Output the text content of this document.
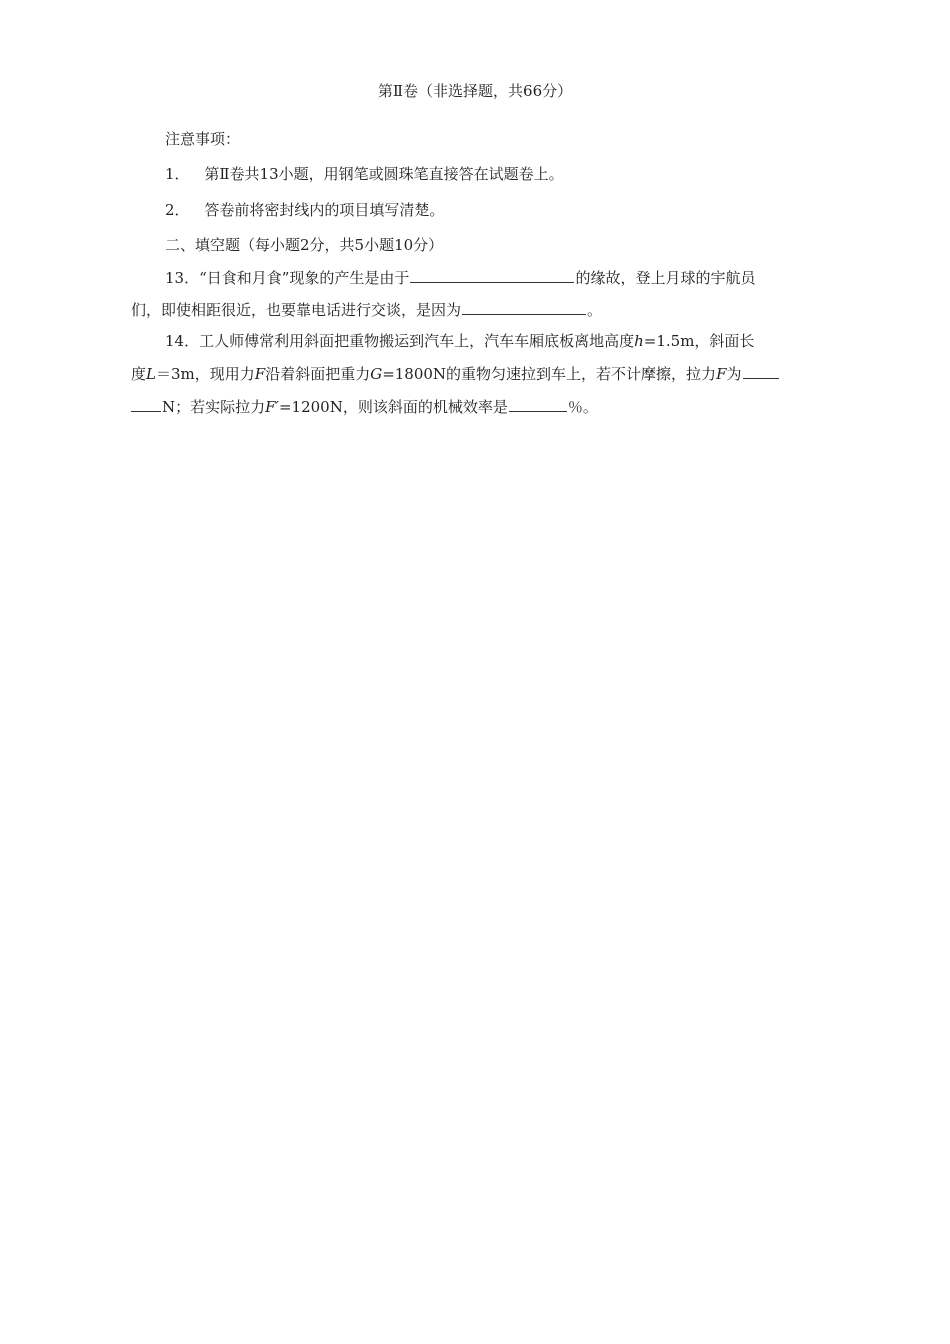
第Ⅱ卷（非选择题，共66分）
注意事项：
1． 第Ⅱ卷共13小题，用钢笔或圆珠笔直接答在试题卷上。
2． 答卷前将密封线内的项目填写清楚。
二、填空题（每小题2分，共5小题10分）
13．“日食和月食”现象的产生是由于	的缘故，登上月球的宇航员
们，即使相距很近，也要靠电话进行交谈，是因为	。
14．工人师傅常利用斜面把重物搬运到汽车上，汽车车厢底板离地高度h=1.5m，斜面长
度L＝3m，现用力F沿着斜面把重力G=1800N的重物匀速拉到车上，若不计摩擦，拉力F为
N；若实际拉力F′=1200N，则该斜面的机械效率是	％。
